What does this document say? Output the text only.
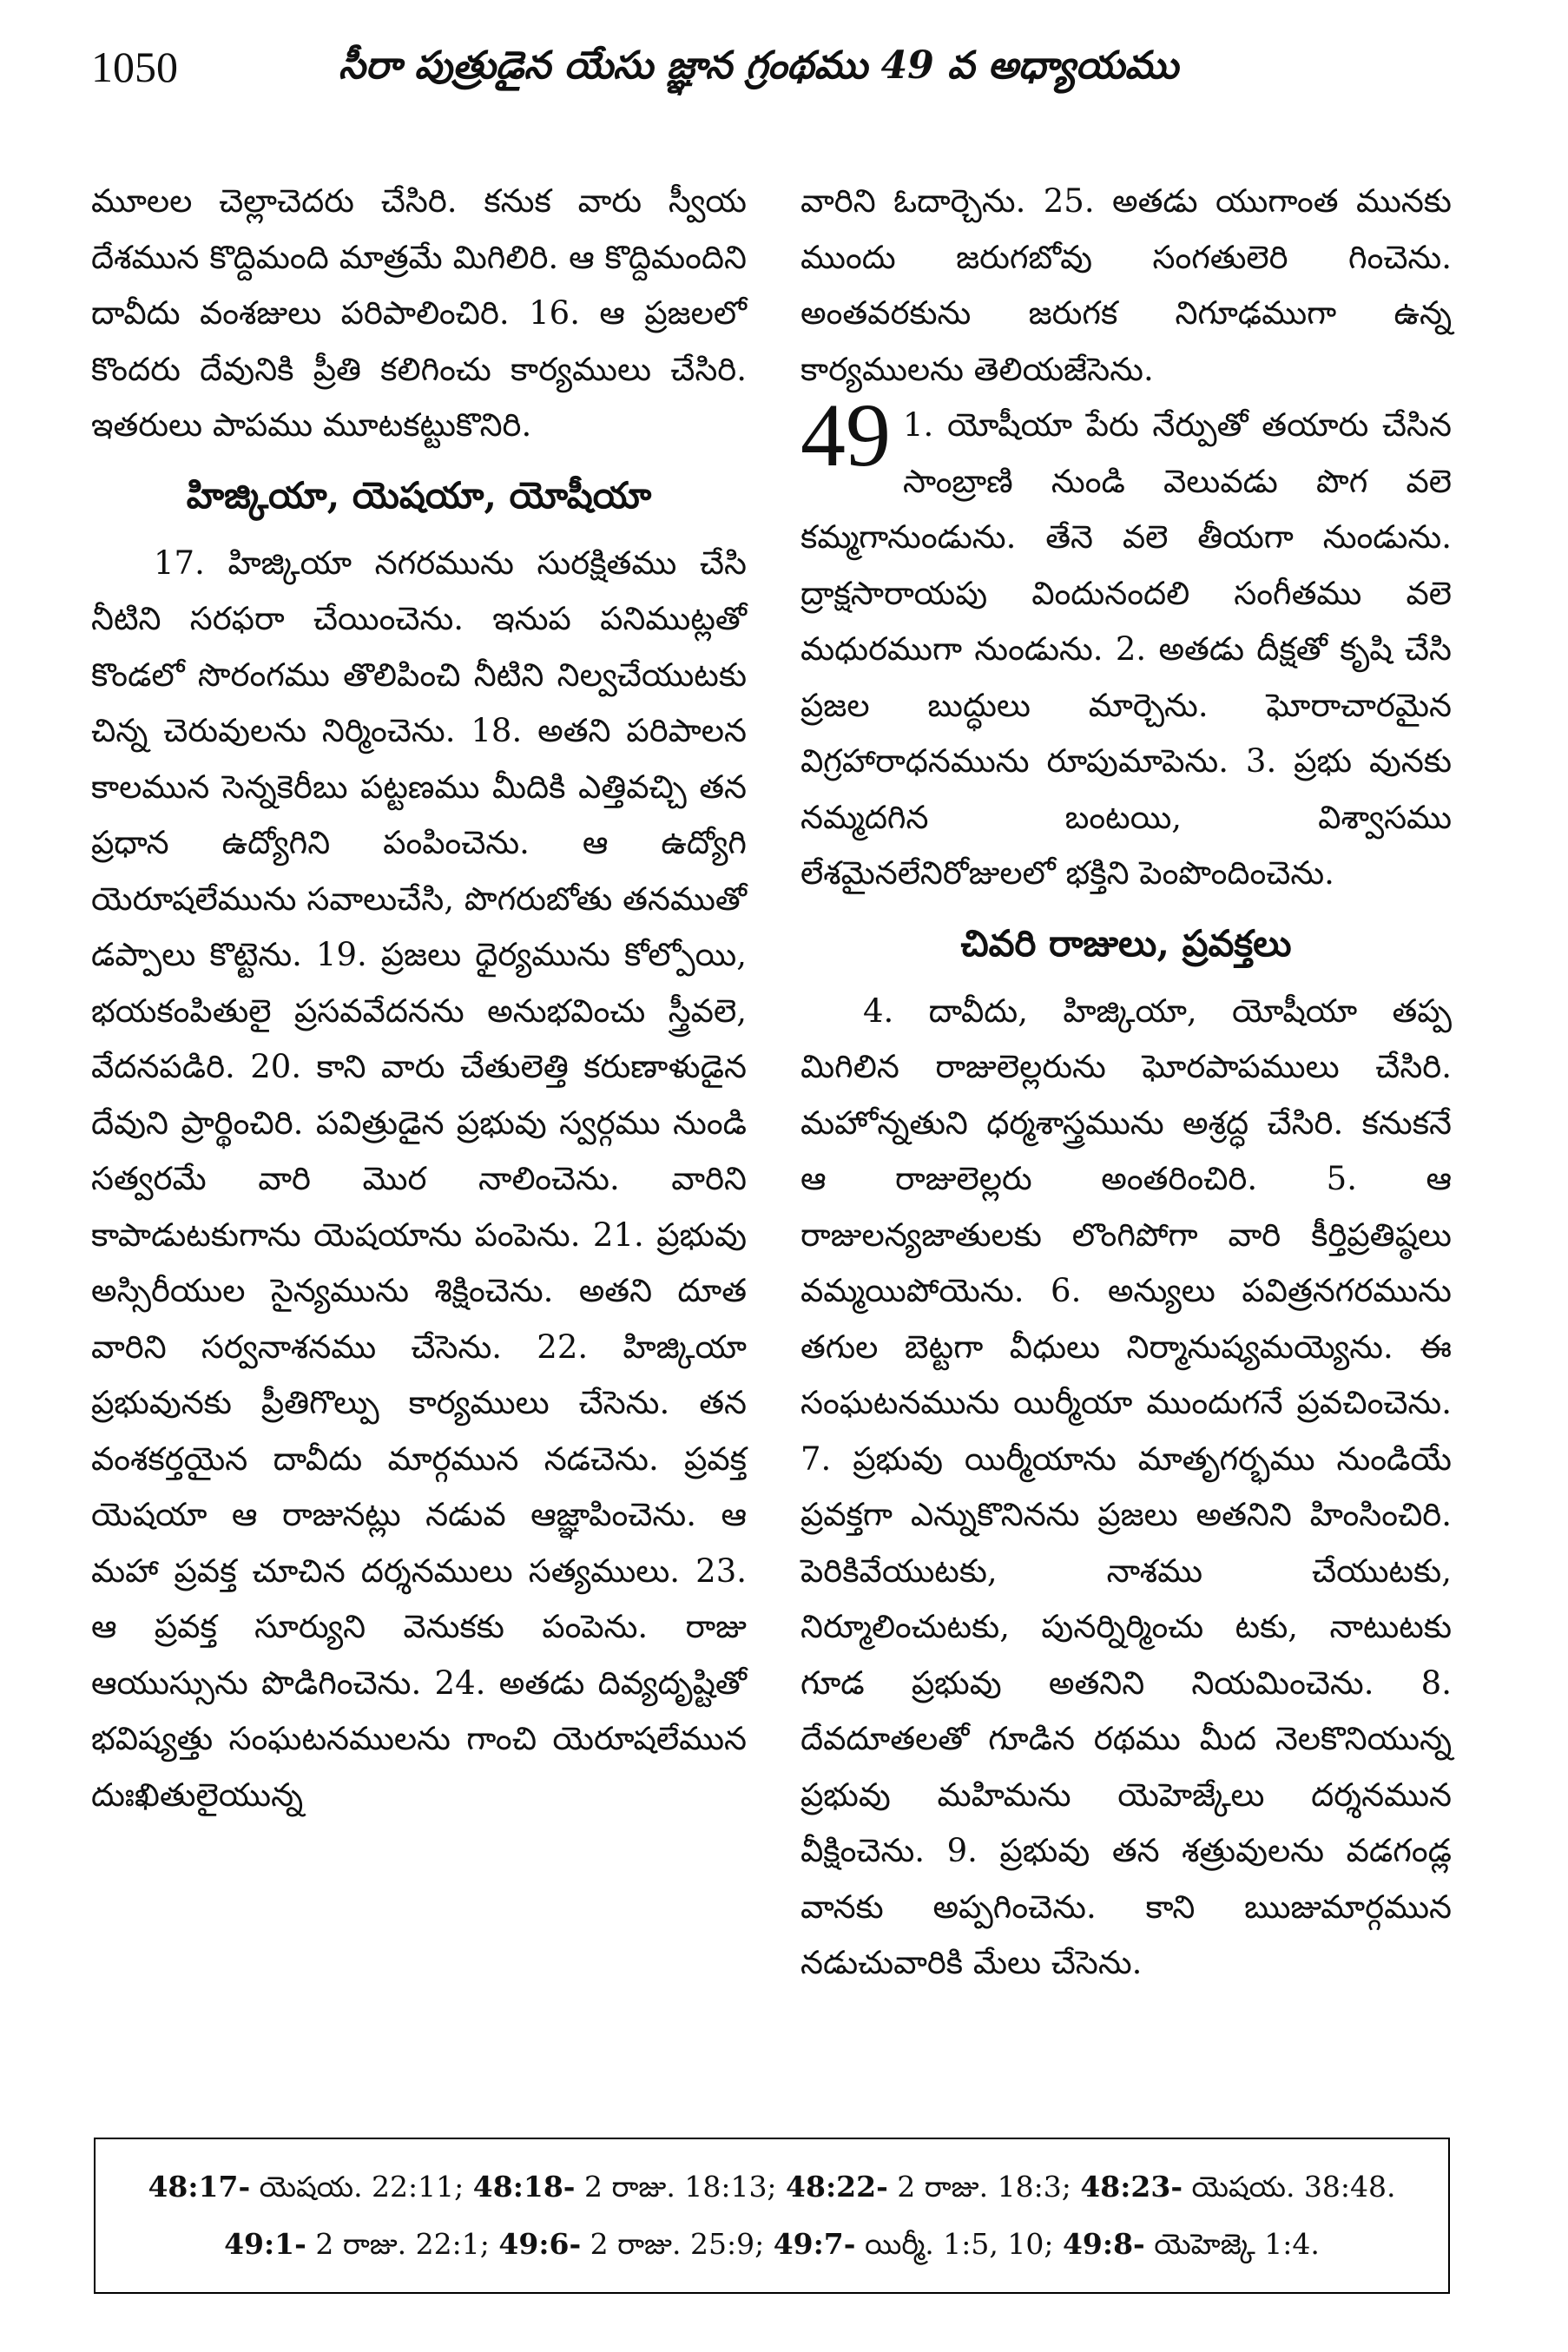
1050	సీరా పుత్రుడైన యేసు జ్ఞాన గ్రంథము 49 వ అధ్యాయము

మూలల చెల్లాచెదరు చేసిరి. కనుక వారు స్వీయ దేశమున కొద్దిమంది మాత్రమే మిగిలిరి. ఆ కొద్దిమందిని దావీదు వంశజులు పరిపాలించిరి. 16. ఆ ప్రజలలో కొందరు దేవునికి ప్రీతి కలిగించు కార్యములు చేసిరి. ఇతరులు పాపము మూటకట్టుకొనిరి.

హిజ్కియా, యెషయా, యోషీయా

17. హిజ్కియా నగరమును సురక్షితము చేసి నీటిని సరఫరా చేయించెను. ఇనుప పనిముట్లతో కొండలో సొరంగము తొలిపించి నీటిని నిల్వచేయుటకు చిన్న చెరువులను నిర్మించెను. 18. అతని పరిపాలన కాలమున సెన్నకెరీబు పట్టణము మీదికి ఎత్తివచ్చి తన ప్రధాన ఉద్యోగిని పంపించెను. ఆ ఉద్యోగి యెరూషలేమును సవాలుచేసి, పొగరుబోతు తనముతో డప్పాలు కొట్టెను. 19. ప్రజలు ధైర్యమును కోల్పోయి, భయకంపితులై ప్రసవవేదనను అనుభవించు స్త్రీవలె, వేదనపడిరి. 20. కాని వారు చేతులెత్తి కరుణాళుడైన దేవుని ప్రార్థించిరి. పవిత్రుడైన ప్రభువు స్వర్గము నుండి సత్వరమే వారి మొర నాలించెను. వారిని కాపాడుటకుగాను యెషయాను పంపెను. 21. ప్రభువు అస్సిరీయుల సైన్యమును శిక్షించెను. అతని దూత వారిని సర్వనాశనము చేసెను. 22. హిజ్కియా ప్రభువునకు ప్రీతిగొల్పు కార్యములు చేసెను. తన వంశకర్తయైన దావీదు మార్గమున నడచెను. ప్రవక్త యెషయా ఆ రాజునట్లు నడువ ఆజ్ఞాపించెను. ఆ మహా ప్రవక్త చూచిన దర్శనములు సత్యములు. 23. ఆ ప్రవక్త సూర్యుని వెనుకకు పంపెను. రాజు ఆయుస్సును పొడిగించెను. 24. అతడు దివ్యదృష్టితో భవిష్యత్తు సంఘటనములను గాంచి యెరూషలేమున దుఃఖితులైయున్న

వారిని ఓదార్చెను. 25. అతడు యుగాంత మునకు ముందు జరుగబోవు సంగతులెరి గించెను. అంతవరకును జరుగక నిగూఢముగా ఉన్న కార్యములను తెలియజేసెను.

49 1. యోషీయా పేరు నేర్పుతో తయారు చేసిన సాంబ్రాణి నుండి వెలువడు పొగ వలె కమ్మగానుండును. తేనె వలె తీయగా నుండును. ద్రాక్షసారాయపు విందునందలి సంగీతము వలె మధురముగా నుండును. 2. అతడు దీక్షతో కృషి చేసి ప్రజల బుద్ధులు మార్చెను. ఘోరాచారమైన విగ్రహారాధనమును రూపుమాపెను. 3. ప్రభు వునకు నమ్మదగిన బంటయి, విశ్వాసము లేశమైనలేనిరోజులలో భక్తిని పెంపొందించెను.

చివరి రాజులు, ప్రవక్తలు

4. దావీదు, హిజ్కియా, యోషీయా తప్ప మిగిలిన రాజులెల్లరును ఘోరపాపములు చేసిరి. మహోన్నతుని ధర్మశాస్త్రమును అశ్రద్ధ చేసిరి. కనుకనే ఆ రాజులెల్లరు అంతరించిరి. 5. ఆ రాజులన్యజాతులకు లొంగిపోగా వారి కీర్తిప్రతిష్ఠలు వమ్మయిపోయెను. 6. అన్యులు పవిత్రనగరమును తగుల బెట్టగా వీధులు నిర్మానుష్యమయ్యెను. ఈ సంఘటనమును యిర్మీయా ముందుగనే ప్రవచించెను. 7. ప్రభువు యిర్మీయాను మాతృగర్భము నుండియే ప్రవక్తగా ఎన్నుకొనినను ప్రజలు అతనిని హింసించిరి. పెరికివేయుటకు, నాశము చేయుటకు, నిర్మూలించుటకు, పునర్నిర్మించు టకు, నాటుటకు గూడ ప్రభువు అతనిని నియమించెను. 8. దేవదూతలతో గూడిన రథము మీద నెలకొనియున్న ప్రభువు మహిమను యెహెజ్కేలు దర్శనమున వీక్షించెను. 9. ప్రభువు తన శత్రువులను వడగండ్ల వానకు అప్పగించెను. కాని ఋజుమార్గమున నడుచువారికి మేలు చేసెను.

48:17- యెషయ. 22:11; 48:18- 2 రాజు. 18:13; 48:22- 2 రాజు. 18:3; 48:23- యెషయ. 38:48. 49:1- 2 రాజు. 22:1; 49:6- 2 రాజు. 25:9; 49:7- యిర్మీ. 1:5, 10; 49:8- యెహెజ్కె 1:4.
